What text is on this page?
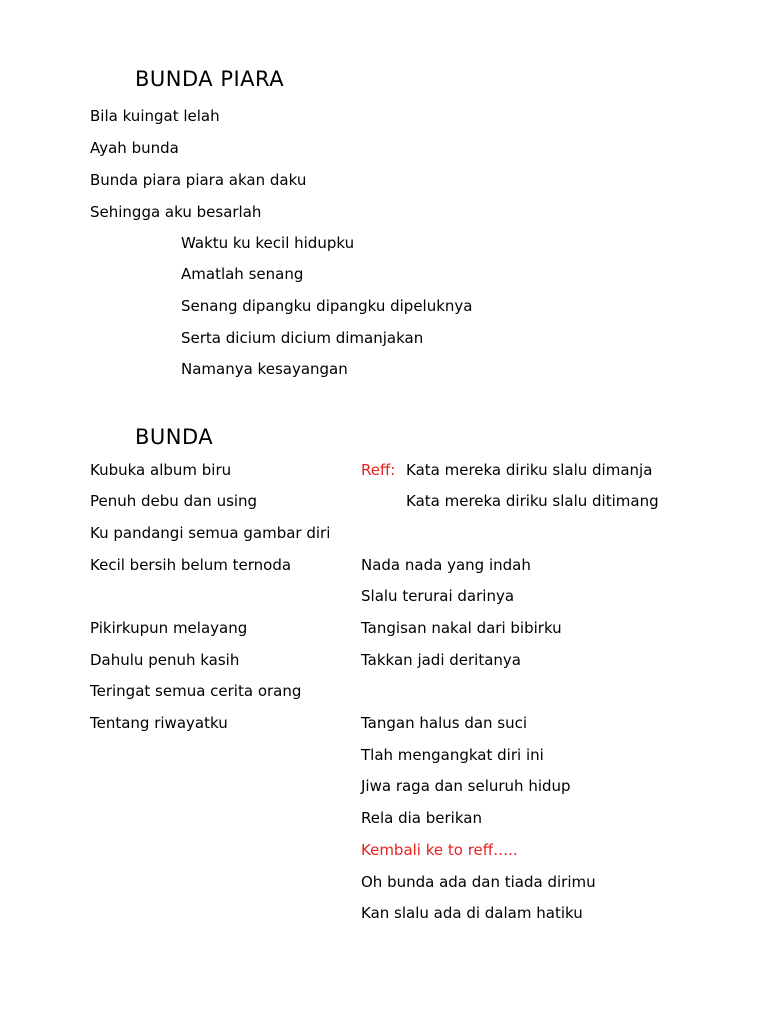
BUNDA PIARA
Bila kuingat lelah
Ayah bunda
Bunda piara piara akan daku
Sehingga aku besarlah
Waktu ku kecil hidupku
Amatlah senang
Senang dipangku dipangku dipeluknya
Serta dicium dicium dimanjakan
Namanya kesayangan
BUNDA
Kubuka album biru
Penuh debu dan using
Ku pandangi semua gambar diri
Kecil bersih belum ternoda
Pikirkupun melayang
Dahulu penuh kasih
Teringat semua cerita orang
Tentang riwayatku
Reff: Kata mereka diriku slalu dimanja
Kata mereka diriku slalu ditimang
Nada nada yang indah
Slalu terurai darinya
Tangisan nakal dari bibirku
Takkan jadi deritanya
Tangan halus dan suci
Tlah mengangkat diri ini
Jiwa raga dan seluruh hidup
Rela dia berikan
Kembali ke to reff…..
Oh bunda ada dan tiada dirimu
Kan slalu ada di dalam hatiku
